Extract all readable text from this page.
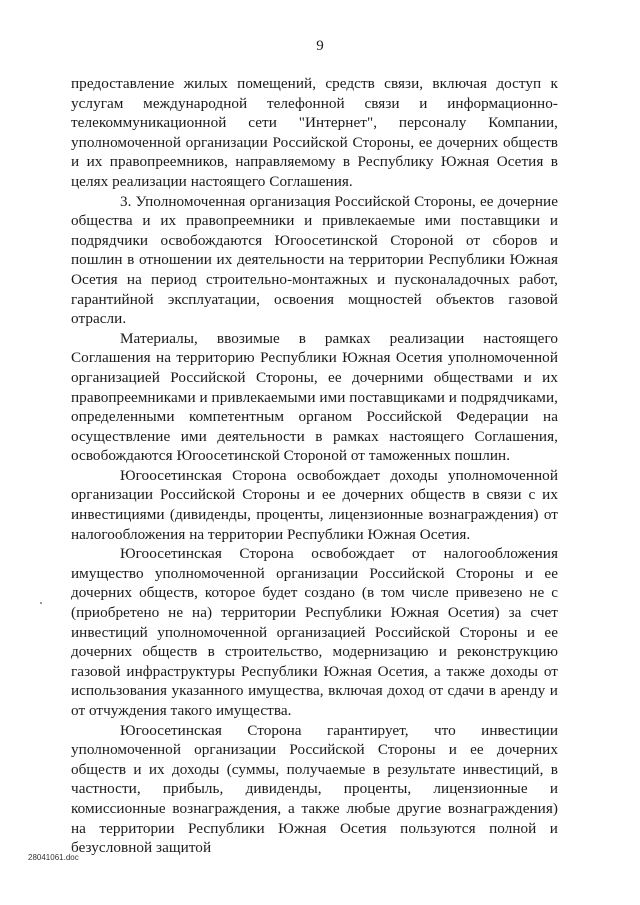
9

предоставление жилых помещений, средств связи, включая доступ к услугам международной телефонной связи и информационно-телекоммуникационной сети "Интернет", персоналу Компании, уполномоченной организации Российской Стороны, ее дочерних обществ и их правопреемников, направляемому в Республику Южная Осетия в целях реализации настоящего Соглашения.

3. Уполномоченная организация Российской Стороны, ее дочерние общества и их правопреемники и привлекаемые ими поставщики и подрядчики освобождаются Югоосетинской Стороной от сборов и пошлин в отношении их деятельности на территории Республики Южная Осетия на период строительно-монтажных и пусконаладочных работ, гарантийной эксплуатации, освоения мощностей объектов газовой отрасли.

Материалы, ввозимые в рамках реализации настоящего Соглашения на территорию Республики Южная Осетия уполномоченной организацией Российской Стороны, ее дочерними обществами и их правопреемниками и привлекаемыми ими поставщиками и подрядчиками, определенными компетентным органом Российской Федерации на осуществление ими деятельности в рамках настоящего Соглашения, освобождаются Югоосетинской Стороной от таможенных пошлин.

Югоосетинская Сторона освобождает доходы уполномоченной организации Российской Стороны и ее дочерних обществ в связи с их инвестициями (дивиденды, проценты, лицензионные вознаграждения) от налогообложения на территории Республики Южная Осетия.

Югоосетинская Сторона освобождает от налогообложения имущество уполномоченной организации Российской Стороны и ее дочерних обществ, которое будет создано (в том числе привезено не с (приобретено не на) территории Республики Южная Осетия) за счет инвестиций уполномоченной организацией Российской Стороны и ее дочерних обществ в строительство, модернизацию и реконструкцию газовой инфраструктуры Республики Южная Осетия, а также доходы от использования указанного имущества, включая доход от сдачи в аренду и от отчуждения такого имущества.

Югоосетинская Сторона гарантирует, что инвестиции уполномоченной организации Российской Стороны и ее дочерних обществ и их доходы (суммы, получаемые в результате инвестиций, в частности, прибыль, дивиденды, проценты, лицензионные и комиссионные вознаграждения, а также любые другие вознаграждения) на территории Республики Южная Осетия пользуются полной и безусловной защитой

28041061.doc
